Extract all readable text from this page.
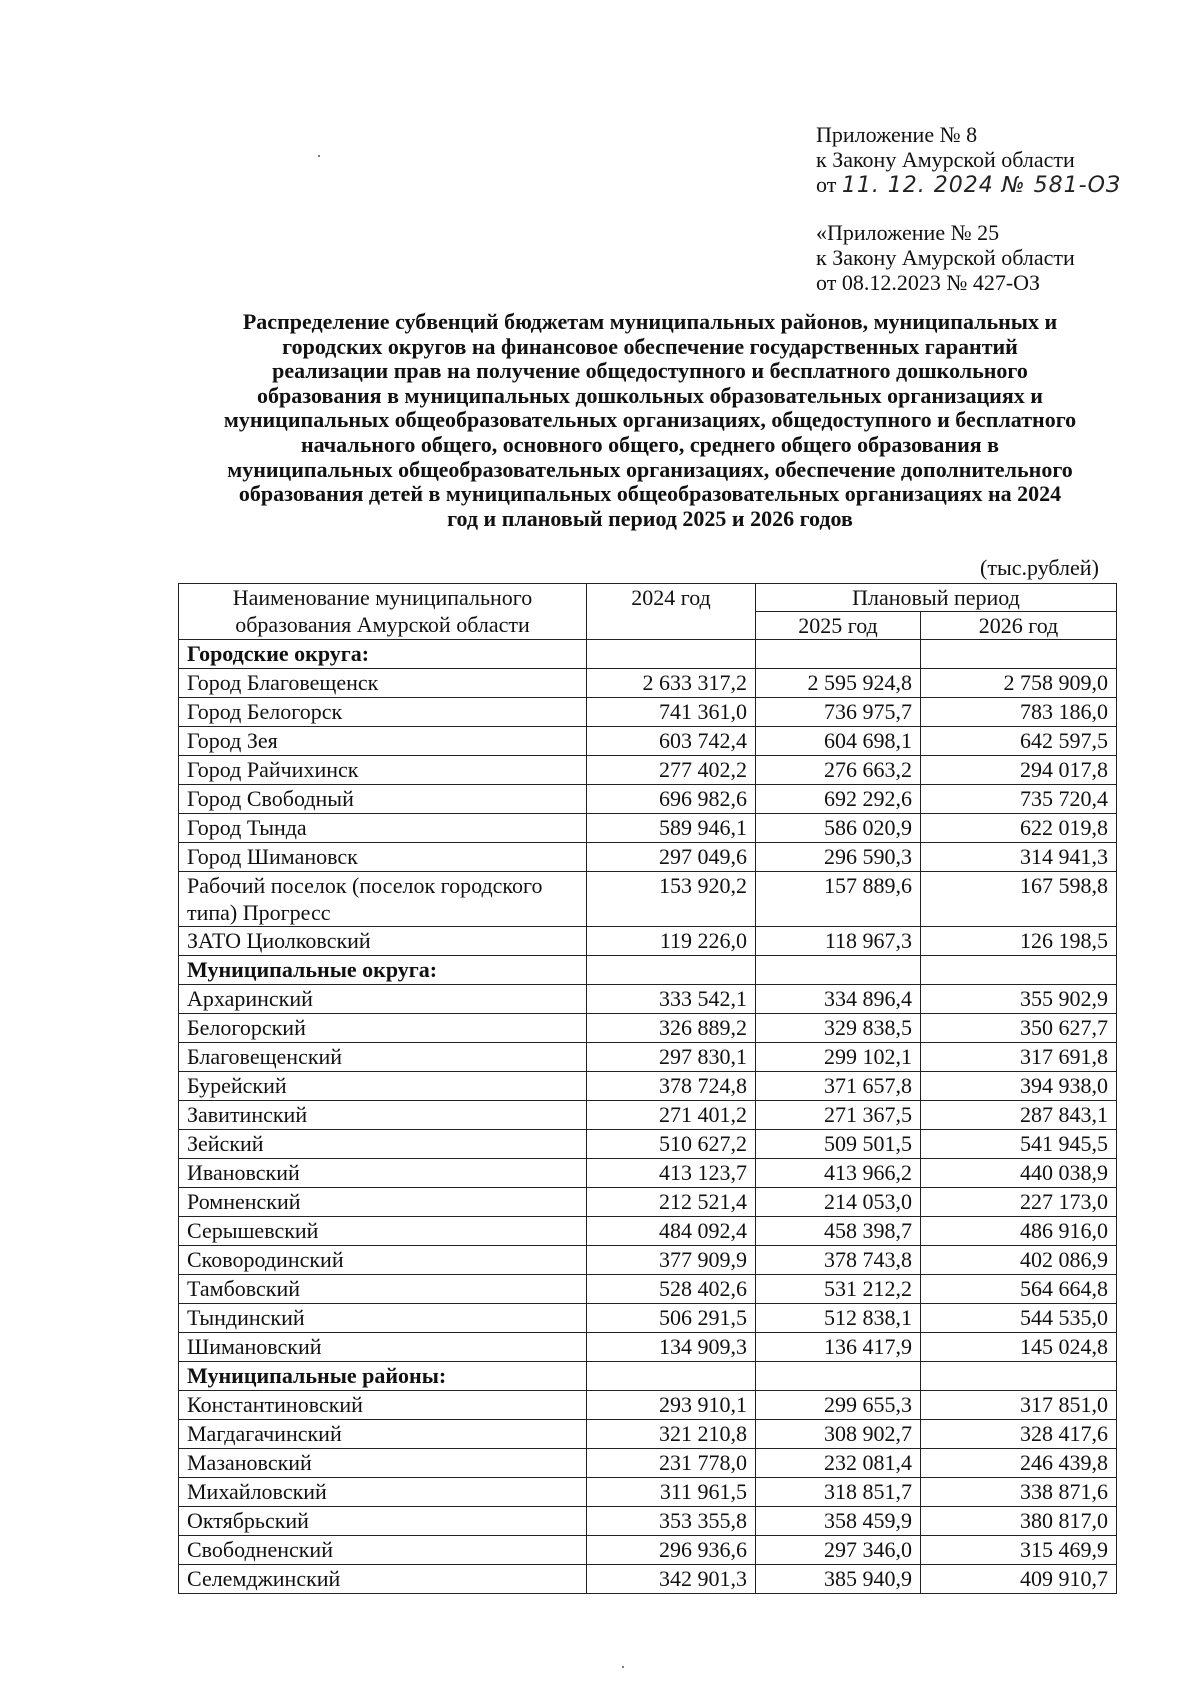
Приложение № 8
к Закону Амурской области
от 11. 12. 2024 № 581-ОЗ
«Приложение № 25
к Закону Амурской области
от 08.12.2023 № 427-ОЗ
Распределение субвенций бюджетам муниципальных районов, муниципальных и
городских округов на финансовое обеспечение государственных гарантий
реализации прав на получение общедоступного и бесплатного дошкольного
образования в муниципальных дошкольных образовательных организациях и
муниципальных общеобразовательных организациях, общедоступного и бесплатного
начального общего, основного общего, среднего общего образования в
муниципальных общеобразовательных организациях, обеспечение дополнительного
образования детей в муниципальных общеобразовательных организациях на 2024
год и плановый период 2025 и 2026 годов
(тыс.рублей)
Наименование муниципального
образования Амурской области	2024 год	Плановый период	
		2025 год	2026 год
Городские округа:			
Город Благовещенск	2 633 317,2	2 595 924,8	2 758 909,0
Город Белогорск	741 361,0	736 975,7	783 186,0
Город Зея	603 742,4	604 698,1	642 597,5
Город Райчихинск	277 402,2	276 663,2	294 017,8
Город Свободный	696 982,6	692 292,6	735 720,4
Город Тында	589 946,1	586 020,9	622 019,8
Город Шимановск	297 049,6	296 590,3	314 941,3
Рабочий поселок (поселок городского типа) Прогресс	153 920,2	157 889,6	167 598,8
ЗАТО Циолковский	119 226,0	118 967,3	126 198,5
Муниципальные округа:			
Архаринский	333 542,1	334 896,4	355 902,9
Белогорский	326 889,2	329 838,5	350 627,7
Благовещенский	297 830,1	299 102,1	317 691,8
Бурейский	378 724,8	371 657,8	394 938,0
Завитинский	271 401,2	271 367,5	287 843,1
Зейский	510 627,2	509 501,5	541 945,5
Ивановский	413 123,7	413 966,2	440 038,9
Ромненский	212 521,4	214 053,0	227 173,0
Серышевский	484 092,4	458 398,7	486 916,0
Сковородинский	377 909,9	378 743,8	402 086,9
Тамбовский	528 402,6	531 212,2	564 664,8
Тындинский	506 291,5	512 838,1	544 535,0
Шимановский	134 909,3	136 417,9	145 024,8
Муниципальные районы:			
Константиновский	293 910,1	299 655,3	317 851,0
Магдагачинский	321 210,8	308 902,7	328 417,6
Мазановский	231 778,0	232 081,4	246 439,8
Михайловский	311 961,5	318 851,7	338 871,6
Октябрьский	353 355,8	358 459,9	380 817,0
Свободненский	296 936,6	297 346,0	315 469,9
Селемджинский	342 901,3	385 940,9	409 910,7
